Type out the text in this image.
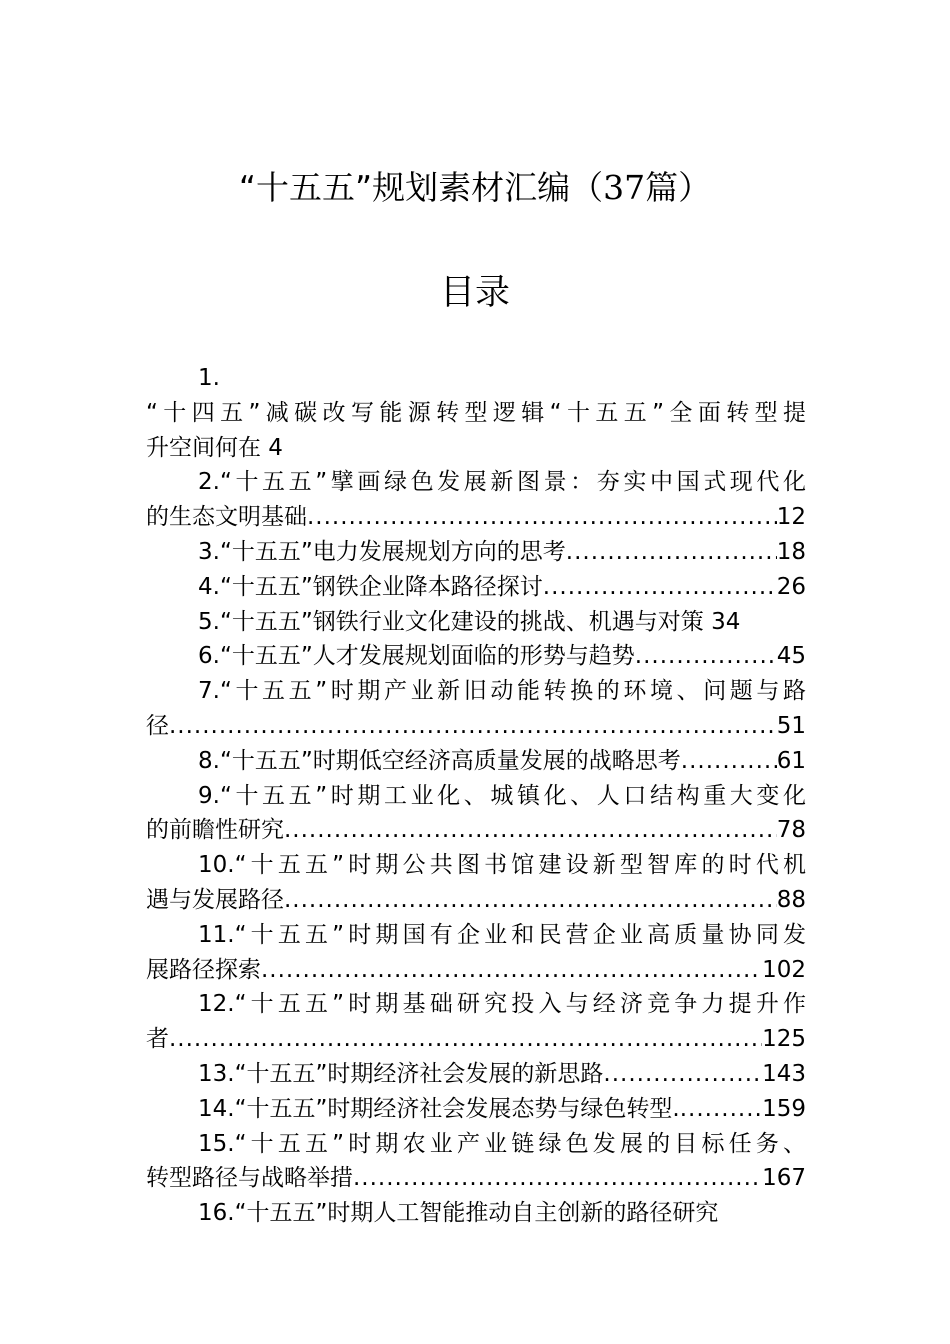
“十五五”规划素材汇编（37篇）
目录
1.
“十四五”减碳改写能源转型逻辑“十五五”全面转型提
升空间何在 4
2.“十五五”擘画绿色发展新图景：夯实中国式现代化
的生态文明基础 .....	12
3.“十五五”电力发展规划方向的思考 .....	18
4.“十五五”钢铁企业降本路径探讨 .....	26
5.“十五五”钢铁行业文化建设的挑战、机遇与对策 34
6.“十五五”人才发展规划面临的形势与趋势 .....	45
7.“十五五”时期产业新旧动能转换的环境、问题与路
径 .....	51
8.“十五五”时期低空经济高质量发展的战略思考 .....	61
9.“十五五”时期工业化、城镇化、人口结构重大变化
的前瞻性研究 .....	78
10.“十五五”时期公共图书馆建设新型智库的时代机
遇与发展路径 .....	88
11.“十五五”时期国有企业和民营企业高质量协同发
展路径探索 .....	102
12.“十五五”时期基础研究投入与经济竞争力提升作
者 .....	125
13.“十五五”时期经济社会发展的新思路 .....	143
14.“十五五”时期经济社会发展态势与绿色转型. .....	159
15.“十五五”时期农业产业链绿色发展的目标任务、
转型路径与战略举措 .....	167
16.“十五五”时期人工智能推动自主创新的路径研究
